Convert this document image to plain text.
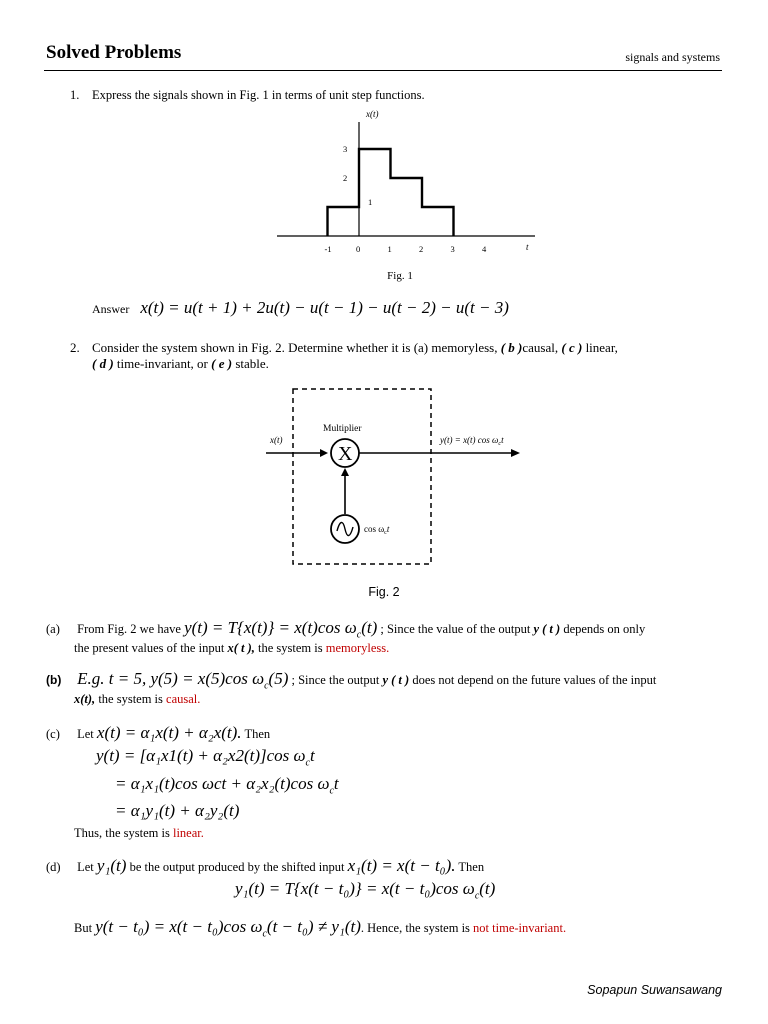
Solved Problems	signals and systems
1. Express the signals shown in Fig. 1 in terms of unit step functions.
x(t)
t
-1	0	1	2	3	4
1
2
3
Fig. 1
Answer x(t) = u(t + 1) + 2u(t) − u(t − 1) − u(t − 2) − u(t − 3)
2. Consider the system shown in Fig. 2. Determine whether it is (a) memoryless, ( b )causal, ( c ) linear,
( d ) time-invariant, or ( e ) stable.
X
Multiplier
x(t)	y(t) = x(t) $\cos \omega_ct$
$\cos \omega_ct$
Fig. 2
(a) From Fig. 2 we have y(t) = T{x(t)} = x(t)cos $\omega_c(t)$ ; Since the value of the output y ( t ) depends on only
the present values of the input x( t ), the system is memoryless.
(b) E.g. t = 5, y(5) = x(5)cos $\omega_c(5)$ ; Since the output y ( t ) does not depend on the future values of the input
x(t), the system is causal.
(c) Let x(t) = α₁x(t) + α₂x(t). Then
y(t) = [α₁x1(t) + α₂x2(t)]cos $\omega_ct$
= α₁x₁(t)cos ωct + α₂x₂(t)cos $\omega_ct$
= α₁y₁(t) + α₂y₂(t)
Thus, the system is linear.
(d) Let y₁(t) be the output produced by the shifted input x₁(t) = x(t − t₀). Then
y₁(t) = T{x(t − t₀)} = x(t − t₀)cos $\omega_c(t)$
But y(t − t₀) = x(t − t₀)cos $\omega_c(t - t_0) \ne y_1(t)$. Hence, the system is not time-invariant.
Sopapun Suwansawang
